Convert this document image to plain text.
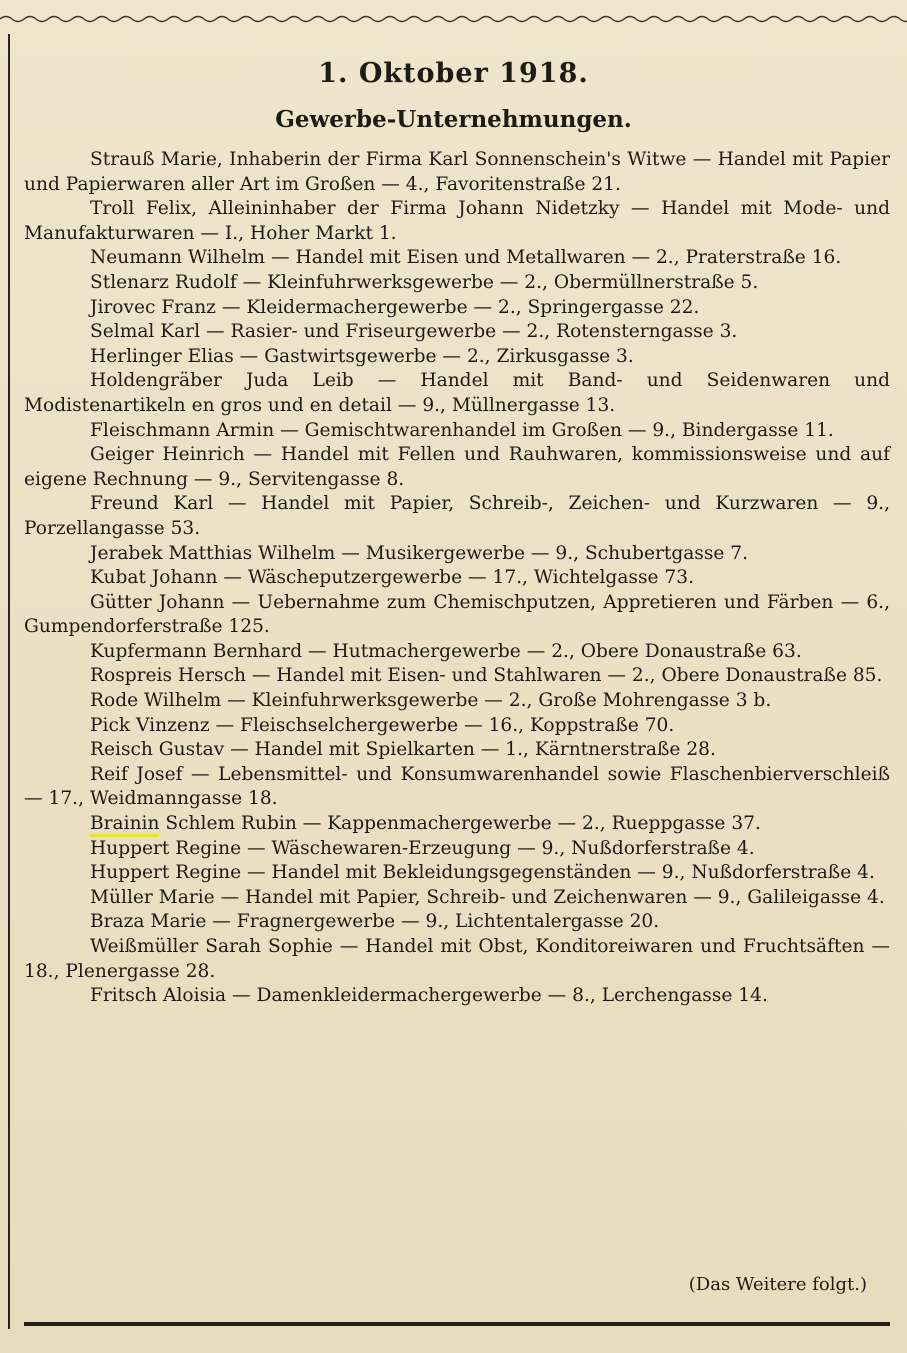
1. Oktober 1918.
Gewerbe-Unternehmungen.

Strauß Marie, Inhaberin der Firma Karl Sonnenschein's Witwe — Handel mit Papier und Papierwaren aller Art im Großen — 4., Favoritenstraße 21.

Troll Felix, Alleininhaber der Firma Johann Nidetzky — Handel mit Mode- und Manufakturwaren — I., Hoher Markt 1.

Neumann Wilhelm — Handel mit Eisen und Metallwaren — 2., Praterstraße 16.

Stlenarz Rudolf — Kleinfuhrwerksgewerbe — 2., Obermüllnerstraße 5.

Jirovec Franz — Kleidermachergewerbe — 2., Springergasse 22.

Selmal Karl — Rasier- und Friseurgewerbe — 2., Rotensterngasse 3.

Herlinger Elias — Gastwirtsgewerbe — 2., Zirkusgasse 3.

Holdengräber Juda Leib — Handel mit Band- und Seidenwaren und Modistenartikeln en gros und en detail — 9., Müllnergasse 13.

Fleischmann Armin — Gemischtwarenhandel im Großen — 9., Bindergasse 11.

Geiger Heinrich — Handel mit Fellen und Rauhwaren, kommissionsweise und auf eigene Rechnung — 9., Servitengasse 8.

Freund Karl — Handel mit Papier, Schreib-, Zeichen- und Kurzwaren — 9., Porzellangasse 53.

Jerabek Matthias Wilhelm — Musikergewerbe — 9., Schubertgasse 7.

Kubat Johann — Wäscheputzergewerbe — 17., Wichtelgasse 73.

Gütter Johann — Uebernahme zum Chemischputzen, Appretieren und Färben — 6., Gumpendorferstraße 125.

Kupfermann Bernhard — Hutmachergewerbe — 2., Obere Donaustraße 63.

Rospreis Hersch — Handel mit Eisen- und Stahlwaren — 2., Obere Donaustraße 85.

Rode Wilhelm — Kleinfuhrwerksgewerbe — 2., Große Mohrengasse 3 b.

Pick Vinzenz — Fleischselchergewerbe — 16., Koppstraße 70.

Reisch Gustav — Handel mit Spielkarten — 1., Kärntnerstraße 28.

Reif Josef — Lebensmittel- und Konsumwarenhandel sowie Flaschenbierverschleiß — 17., Weidmanngasse 18.

Brainin Schlem Rubin — Kappenmachergewerbe — 2., Rueppgasse 37.

Huppert Regine — Wäschewaren-Erzeugung — 9., Nußdorferstraße 4.

Huppert Regine — Handel mit Bekleidungsgegenständen — 9., Nußdorferstraße 4.

Müller Marie — Handel mit Papier, Schreib- und Zeichenwaren — 9., Galileigasse 4.

Braza Marie — Fragnergewerbe — 9., Lichtentalergasse 20.

Weißmüller Sarah Sophie — Handel mit Obst, Konditoreiwaren und Fruchtsäften — 18., Plenergasse 28.

Fritsch Aloisia — Damenkleidermachergewerbe — 8., Lerchengasse 14.

(Das Weitere folgt.)
